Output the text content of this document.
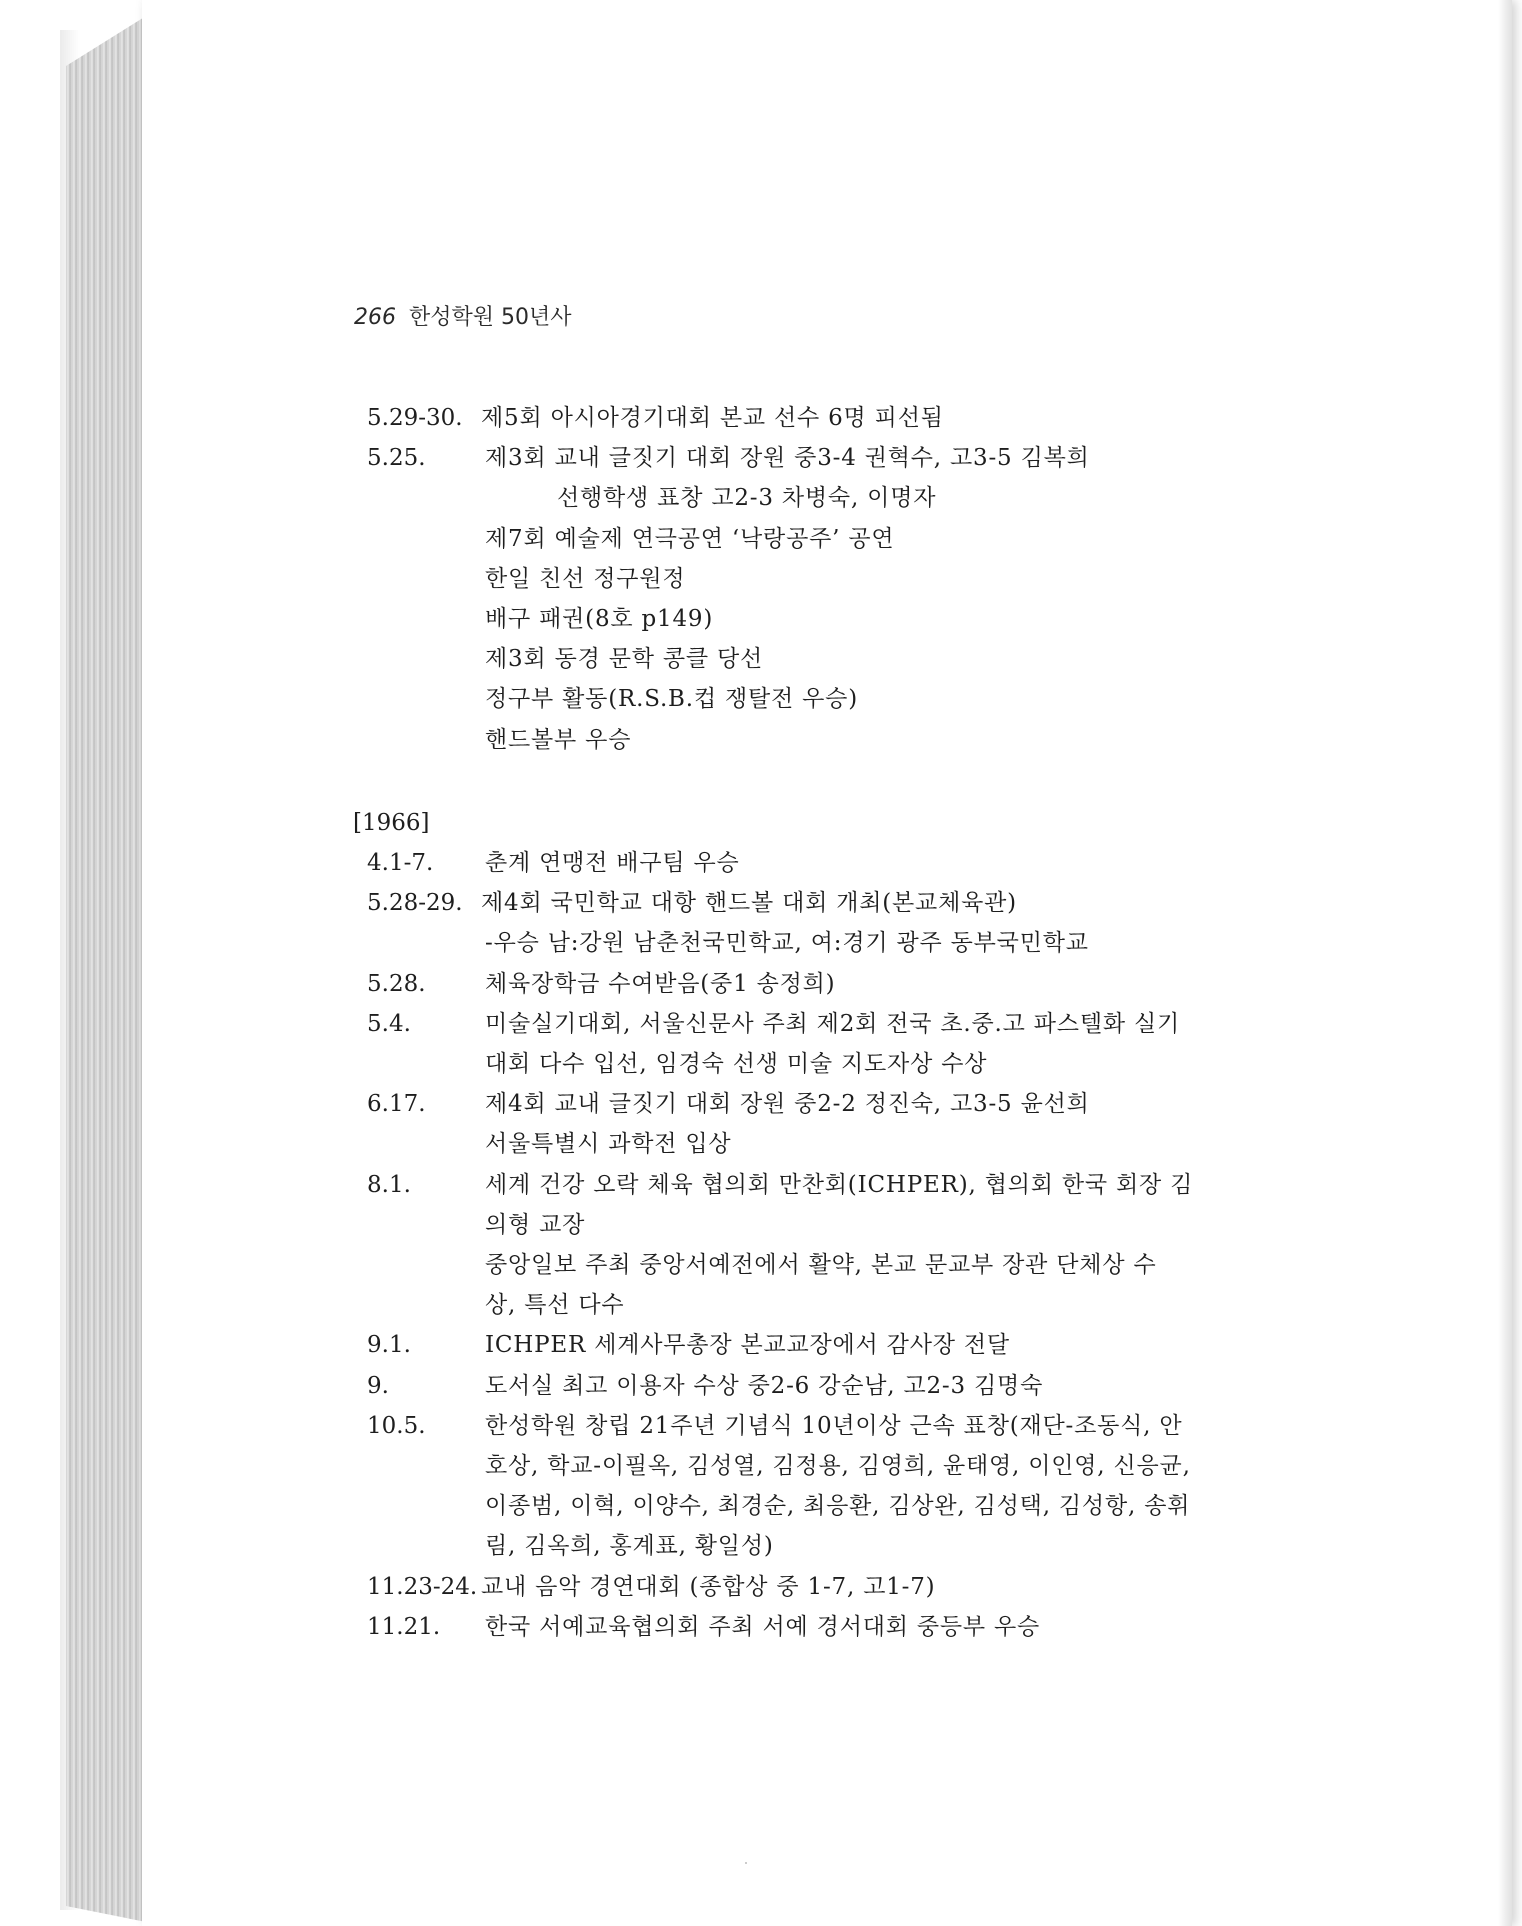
266 한성학원 50년사
5.29-30. 제5회 아시아경기대회 본교 선수 6명 피선됨
5.25.	제3회 교내 글짓기 대회 장원 중3-4 권혁수, 고3-5 김복희
선행학생 표창 고2-3 차병숙, 이명자
제7회 예술제 연극공연 ‘낙랑공주’ 공연
한일 친선 정구원정
배구 패권(8호 p149)
제3회 동경 문학 콩클 당선
정구부 활동(R.S.B.컵 쟁탈전 우승)
핸드볼부 우승
[1966]
4.1-7.	춘계 연맹전 배구팀 우승
5.28-29. 제4회 국민학교 대항 핸드볼 대회 개최(본교체육관)
-우승 남:강원 남춘천국민학교, 여:경기 광주 동부국민학교
5.28.	체육장학금 수여받음(중1 송정희)
5.4.	미술실기대회, 서울신문사 주최 제2회 전국 초.중.고 파스텔화 실기
대회 다수 입선, 임경숙 선생 미술 지도자상 수상
6.17.	제4회 교내 글짓기 대회 장원 중2-2 정진숙, 고3-5 윤선희
서울특별시 과학전 입상
8.1.	세계 건강 오락 체육 협의회 만찬회(ICHPER), 협의회 한국 회장 김
의형 교장
중앙일보 주최 중앙서예전에서 활약, 본교 문교부 장관 단체상 수
상, 특선 다수
9.1.	ICHPER 세계사무총장 본교교장에서 감사장 전달
9.	도서실 최고 이용자 수상 중2-6 강순남, 고2-3 김명숙
10.5.	한성학원 창립 21주년 기념식 10년이상 근속 표창(재단-조동식, 안
호상, 학교-이필옥, 김성열, 김정용, 김영희, 윤태영, 이인영, 신응균,
이종범, 이혁, 이양수, 최경순, 최응환, 김상완, 김성택, 김성항, 송휘
림, 김옥희, 홍계표, 황일성)
11.23-24. 교내 음악 경연대회 (종합상 중 1-7, 고1-7)
11.21.	한국 서예교육협의회 주최 서예 경서대회 중등부 우승
